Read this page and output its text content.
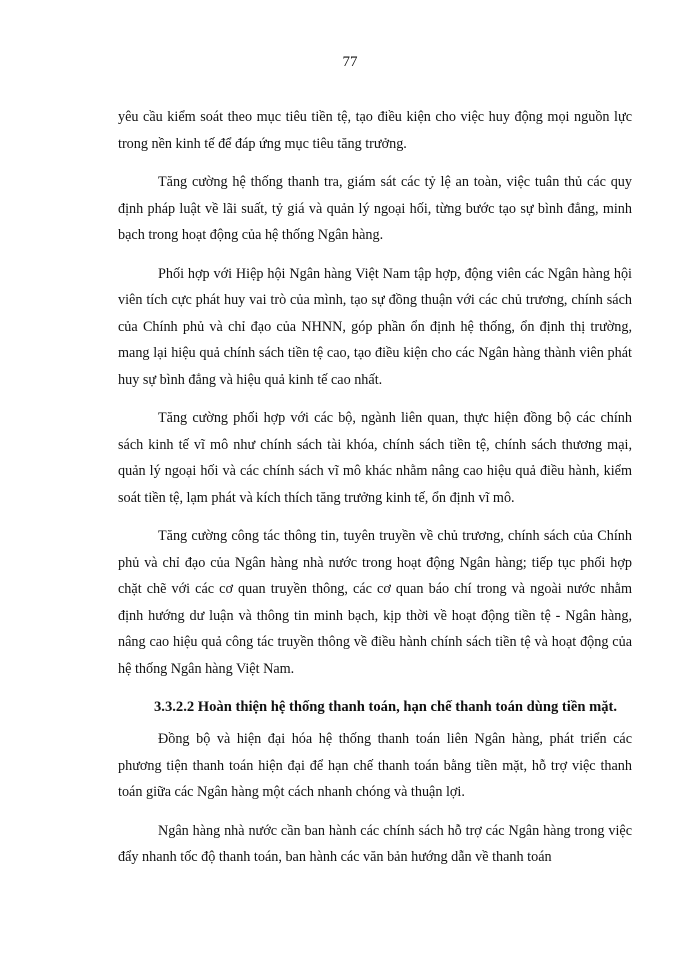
77

yêu cầu kiểm soát theo mục tiêu tiền tệ, tạo điều kiện cho việc huy động mọi nguồn lực trong nền kinh tế để đáp ứng mục tiêu tăng trưởng.

Tăng cường hệ thống thanh tra, giám sát các tỷ lệ an toàn, việc tuân thủ các quy định pháp luật về lãi suất, tỷ giá và quản lý ngoại hối, từng bước tạo sự bình đẳng, minh bạch trong hoạt động của hệ thống Ngân hàng.

Phối hợp với Hiệp hội Ngân hàng Việt Nam tập hợp, động viên các Ngân hàng hội viên tích cực phát huy vai trò của mình, tạo sự đồng thuận với các chủ trương, chính sách của Chính phủ và chỉ đạo của NHNN, góp phần ổn định hệ thống, ổn định thị trường, mang lại hiệu quả chính sách tiền tệ cao, tạo điều kiện cho các Ngân hàng thành viên phát huy sự bình đẳng và hiệu quả kinh tế cao nhất.

Tăng cường phối hợp với các bộ, ngành liên quan, thực hiện đồng bộ các chính sách kinh tế vĩ mô như chính sách tài khóa, chính sách tiền tệ, chính sách thương mại, quản lý ngoại hối và các chính sách vĩ mô khác nhằm nâng cao hiệu quả điều hành, kiểm soát tiền tệ, lạm phát và kích thích tăng trưởng kinh tế, ổn định vĩ mô.

Tăng cường công tác thông tin, tuyên truyền về chủ trương, chính sách của Chính phủ và chỉ đạo của Ngân hàng nhà nước trong hoạt động Ngân hàng; tiếp tục phối hợp chặt chẽ với các cơ quan truyền thông, các cơ quan báo chí trong và ngoài nước nhằm định hướng dư luận và thông tin minh bạch, kịp thời về hoạt động tiền tệ - Ngân hàng, nâng cao hiệu quả công tác truyền thông về điều hành chính sách tiền tệ và hoạt động của hệ thống Ngân hàng Việt Nam.

3.3.2.2 Hoàn thiện hệ thống thanh toán, hạn chế thanh toán dùng tiền mặt.

Đồng bộ và hiện đại hóa hệ thống thanh toán liên Ngân hàng, phát triển các phương tiện thanh toán hiện đại để hạn chế thanh toán bằng tiền mặt, hỗ trợ việc thanh toán giữa các Ngân hàng một cách nhanh chóng và thuận lợi.

Ngân hàng nhà nước cần ban hành các chính sách hỗ trợ các Ngân hàng trong việc đẩy nhanh tốc độ thanh toán, ban hành các văn bản hướng dẫn về thanh toán
